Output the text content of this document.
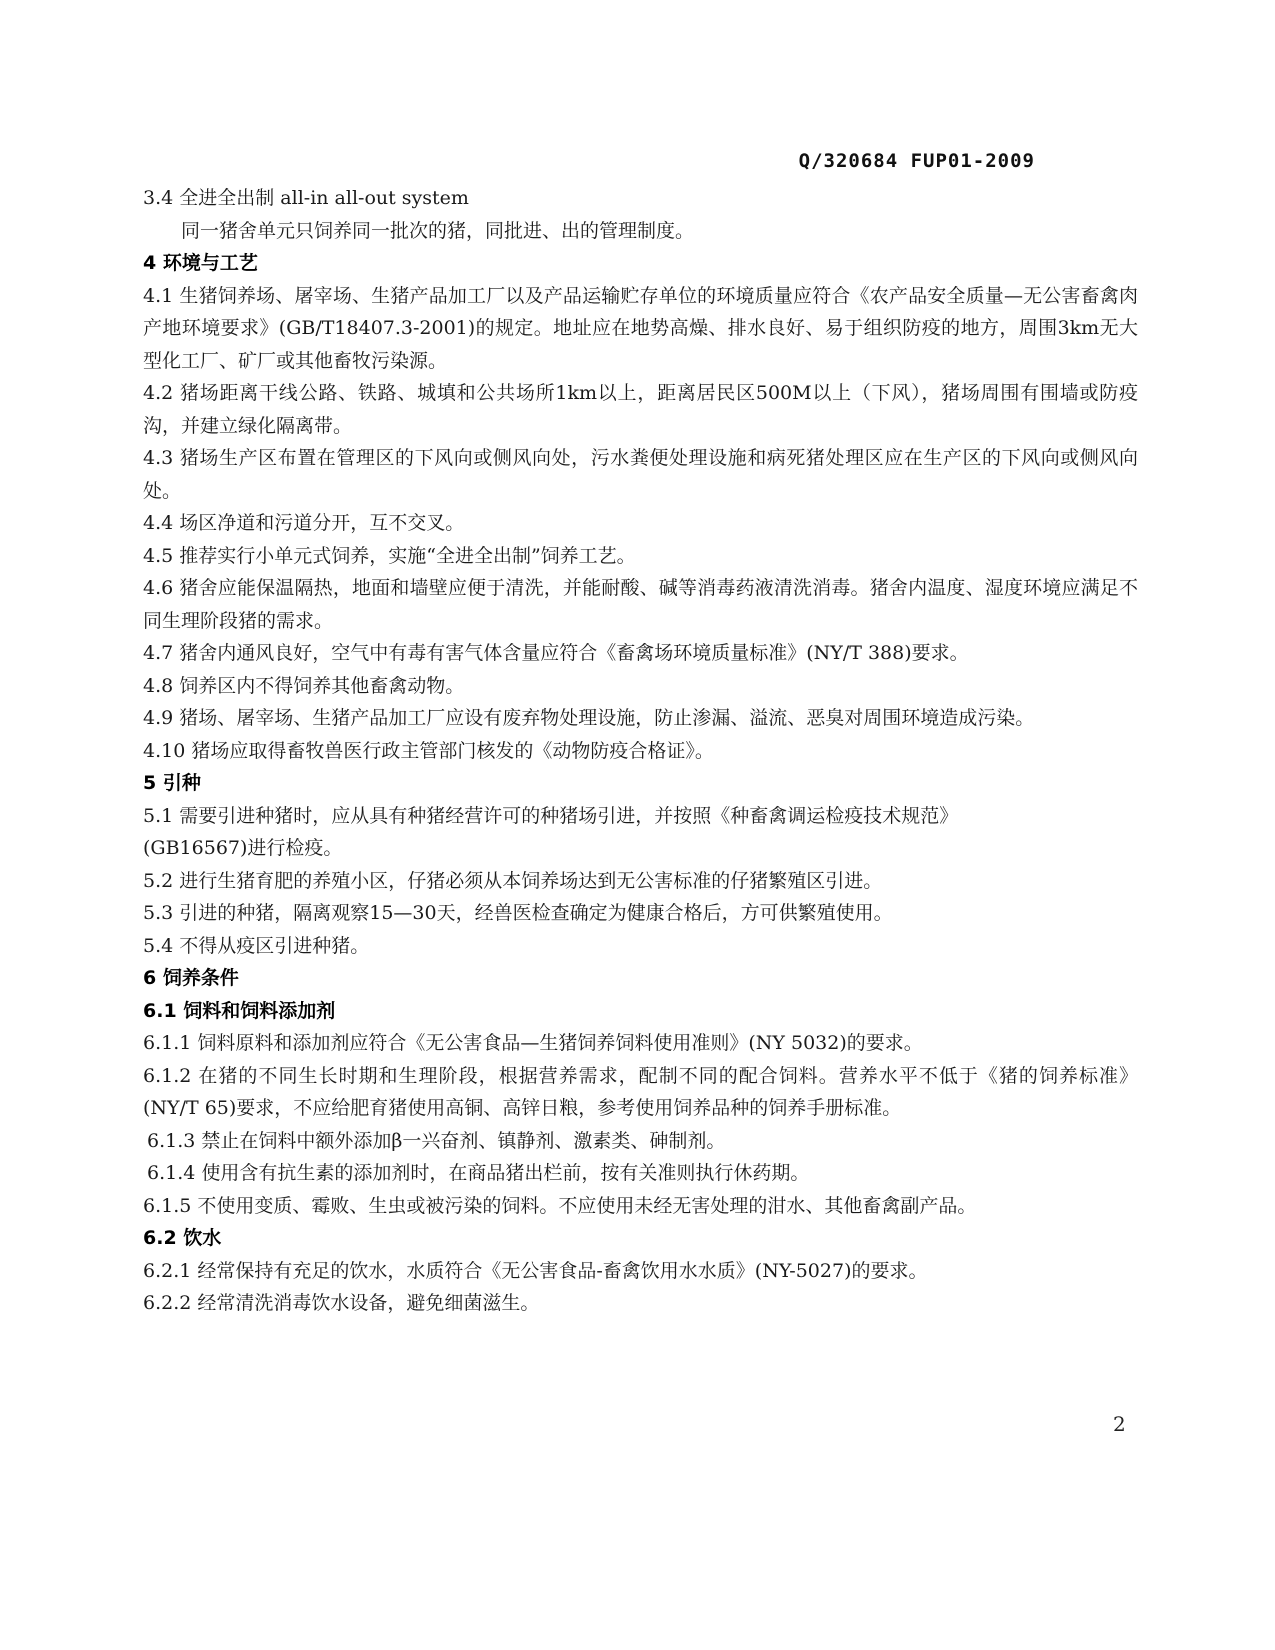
Q/320684 FUP01-2009
3.4 全进全出制 all-in all-out system
同一猪舍单元只饲养同一批次的猪，同批进、出的管理制度。
4 环境与工艺
4.1 生猪饲养场、屠宰场、生猪产品加工厂以及产品运输贮存单位的环境质量应符合《农产品安全质量—无公害畜禽肉产地环境要求》(GB/T18407.3-2001)的规定。地址应在地势高燥、排水良好、易于组织防疫的地方，周围3km无大型化工厂、矿厂或其他畜牧污染源。
4.2 猪场距离干线公路、铁路、城填和公共场所1km以上，距离居民区500M以上（下风），猪场周围有围墙或防疫沟，并建立绿化隔离带。
4.3 猪场生产区布置在管理区的下风向或侧风向处，污水粪便处理设施和病死猪处理区应在生产区的下风向或侧风向处。
4.4 场区净道和污道分开，互不交叉。
4.5 推荐实行小单元式饲养，实施“全进全出制”饲养工艺。
4.6 猪舍应能保温隔热，地面和墙壁应便于清洗，并能耐酸、碱等消毒药液清洗消毒。猪舍内温度、湿度环境应满足不同生理阶段猪的需求。
4.7 猪舍内通风良好，空气中有毒有害气体含量应符合《畜禽场环境质量标准》(NY/T 388)要求。
4.8 饲养区内不得饲养其他畜禽动物。
4.9 猪场、屠宰场、生猪产品加工厂应设有废弃物处理设施，防止渗漏、溢流、恶臭对周围环境造成污染。
4.10 猪场应取得畜牧兽医行政主管部门核发的《动物防疫合格证》。
5 引种
5.1 需要引进种猪时，应从具有种猪经营许可的种猪场引进，并按照《种畜禽调运检疫技术规范》
(GB16567)进行检疫。
5.2 进行生猪育肥的养殖小区，仔猪必须从本饲养场达到无公害标准的仔猪繁殖区引进。
5.3 引进的种猪，隔离观察15—30天，经兽医检查确定为健康合格后，方可供繁殖使用。
5.4 不得从疫区引进种猪。
6 饲养条件
6.1 饲料和饲料添加剂
6.1.1 饲料原料和添加剂应符合《无公害食品—生猪饲养饲料使用准则》(NY 5032)的要求。
6.1.2 在猪的不同生长时期和生理阶段，根据营养需求，配制不同的配合饲料。营养水平不低于《猪的饲养标准》(NY/T 65)要求，不应给肥育猪使用高铜、高锌日粮，参考使用饲养品种的饲养手册标准。
6.1.3 禁止在饲料中额外添加β一兴奋剂、镇静剂、激素类、砷制剂。
6.1.4 使用含有抗生素的添加剂时，在商品猪出栏前，按有关准则执行休药期。
6.1.5 不使用变质、霉败、生虫或被污染的饲料。不应使用未经无害处理的泔水、其他畜禽副产品。
6.2 饮水
6.2.1 经常保持有充足的饮水，水质符合《无公害食品-畜禽饮用水水质》(NY-5027)的要求。
6.2.2 经常清洗消毒饮水设备，避免细菌滋生。
2
